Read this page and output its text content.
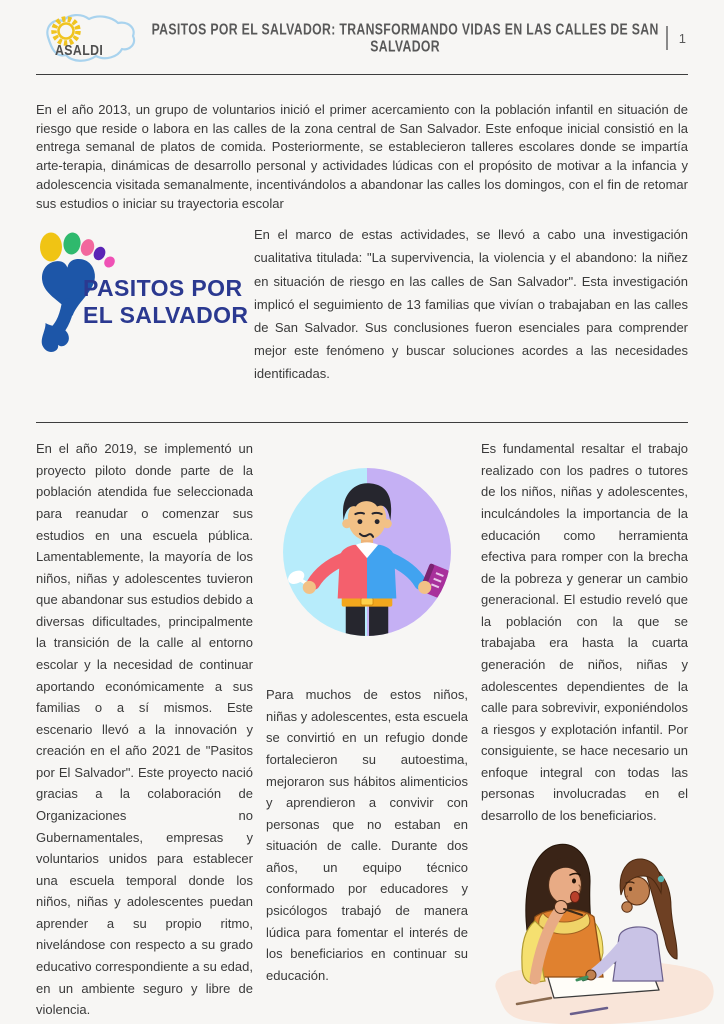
ASALDI
PASITOS POR EL SALVADOR: TRANSFORMANDO VIDAS EN LAS CALLES DE SAN SALVADOR	1

En el año 2013, un grupo de voluntarios inició el primer acercamiento con la población infantil en situación de riesgo que reside o labora en las calles de la zona central de San Salvador. Este enfoque inicial consistió en la entrega semanal de platos de comida. Posteriormente, se establecieron talleres escolares donde se impartía arte-terapia, dinámicas de desarrollo personal y actividades lúdicas con el propósito de motivar a la infancia y adolescencia visitada semanalmente, incentivándolos a abandonar las calles los domingos, con el fin de retomar sus estudios o iniciar su trayectoria escolar

PASITOS POR
EL SALVADOR

En el marco de estas actividades, se llevó a cabo una investigación cualitativa titulada: "La supervivencia, la violencia y el abandono: la niñez en situación de riesgo en las calles de San Salvador". Esta investigación implicó el seguimiento de 13 familias que vivían o trabajaban en las calles de San Salvador. Sus conclusiones fueron esenciales para comprender mejor este fenómeno y buscar soluciones acordes a las necesidades identificadas.

En el año 2019, se implementó un proyecto piloto donde parte de la población atendida fue seleccionada para reanudar o comenzar sus estudios en una escuela pública. Lamentablemente, la mayoría de los niños, niñas y adolescentes tuvieron que abandonar sus estudios debido a diversas dificultades, principalmente la transición de la calle al entorno escolar y la necesidad de continuar aportando económicamente a sus familias o a sí mismos. Este escenario llevó a la innovación y creación en el año 2021 de "Pasitos por El Salvador". Este proyecto nació gracias a la colaboración de Organizaciones no Gubernamentales, empresas y voluntarios unidos para establecer una escuela temporal donde los niños, niñas y adolescentes puedan aprender a su propio ritmo, nivelándose con respecto a su grado educativo correspondiente a su edad, en un ambiente seguro y libre de violencia.

Para muchos de estos niños, niñas y adolescentes, esta escuela se convirtió en un refugio donde fortalecieron su autoestima, mejoraron sus hábitos alimenticios y aprendieron a convivir con personas que no estaban en situación de calle. Durante dos años, un equipo técnico conformado por educadores y psicólogos trabajó de manera lúdica para fomentar el interés de los beneficiarios en continuar su educación.

Es fundamental resaltar el trabajo realizado con los padres o tutores de los niños, niñas y adolescentes, inculcándoles la importancia de la educación como herramienta efectiva para romper con la brecha de la pobreza y generar un cambio generacional. El estudio reveló que la población con la que se trabajaba era hasta la cuarta generación de niños, niñas y adolescentes dependientes de la calle para sobrevivir, exponiéndolos a riesgos y explotación infantil. Por consiguiente, se hace necesario un enfoque integral con todas las personas involucradas en el desarrollo de los beneficiarios.
